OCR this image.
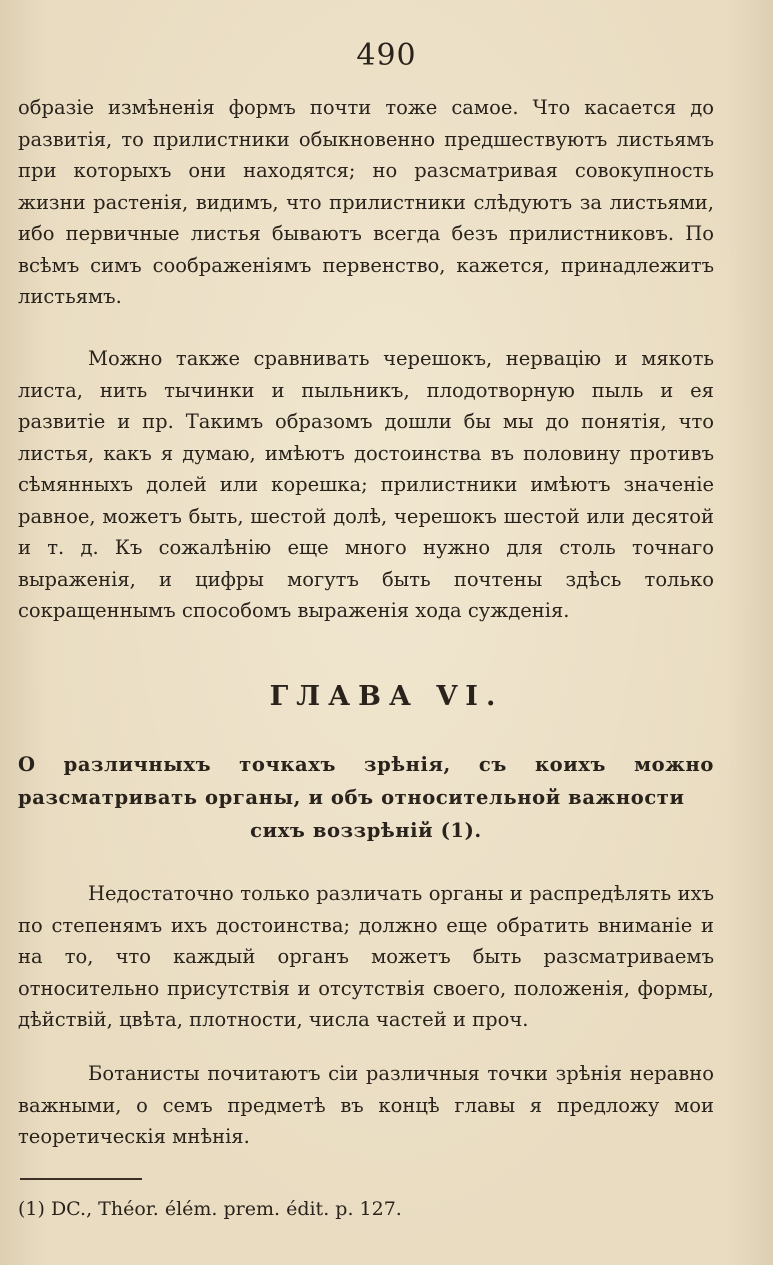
490

образіе измѣненія формъ почти тоже самое. Что касается до развитія, то прилистники обыкновенно предшествуютъ листьямъ при которыхъ они находятся; но разсматривая совокупность жизни растенія, видимъ, что прилистники слѣдуютъ за листьями, ибо первичные листья бываютъ всегда безъ прилистниковъ. По всѣмъ симъ соображеніямъ первенство, кажется, принадлежитъ листьямъ.

Можно также сравнивать черешокъ, нервацію и мякоть листа, нить тычинки и пыльникъ, плодотворную пыль и ея развитіе и пр. Такимъ образомъ дошли бы мы до понятія, что листья, какъ я думаю, имѣютъ достоинства въ половину противъ сѣмянныхъ долей или корешка; прилистники имѣютъ значеніе равное, можетъ быть, шестой долѣ, черешокъ шестой или десятой и т. д. Къ сожалѣнію еще много нужно для столь точнаго выраженія, и цифры могутъ быть почтены здѣсь только сокращеннымъ способомъ выраженія хода сужденія.

ГЛАВА VI.
О различныхъ точкахъ зрѣнія, съ коихъ можно разсматривать органы, и объ относительной важности
сихъ воззрѣній (1).

Недостаточно только различать органы и распредѣлять ихъ по степенямъ ихъ достоинства; должно еще обратить вниманіе и на то, что каждый органъ можетъ быть разсматриваемъ относительно присутствія и отсутствія своего, положенія, формы, дѣйствій, цвѣта, плотности, числа частей и проч.

Ботанисты почитаютъ сіи различныя точки зрѣнія неравно важными, о семъ предметѣ въ концѣ главы я предложу мои теоретическія мнѣнія.

(1) DC., Théor. élém. prem. édit. p. 127.
